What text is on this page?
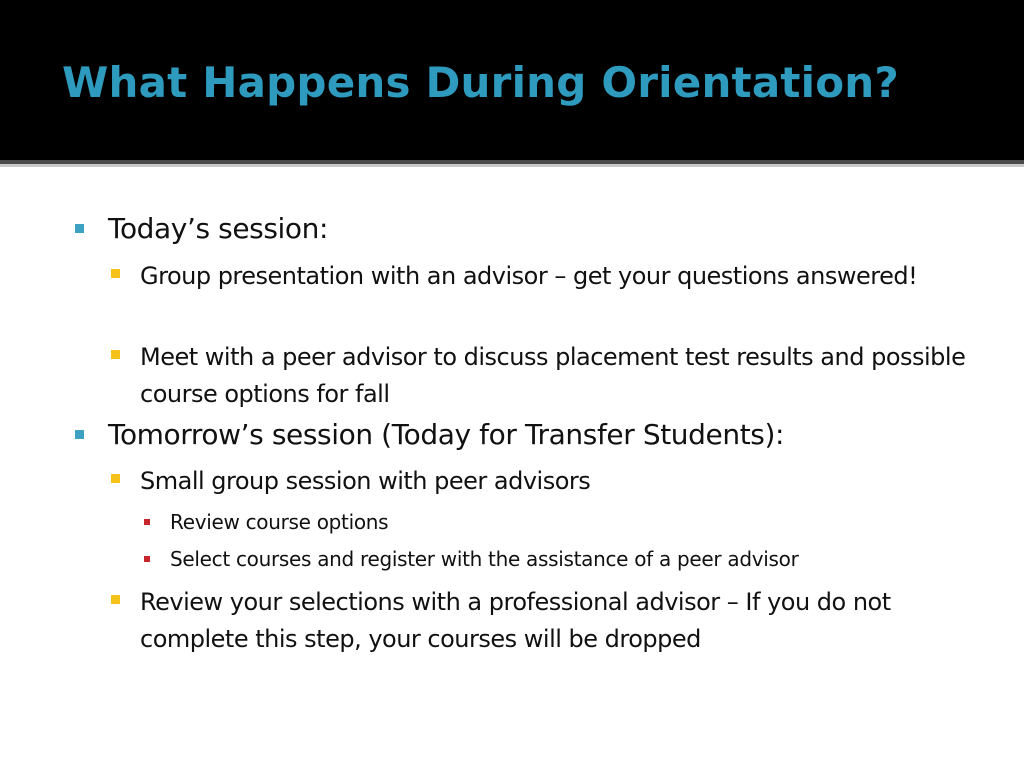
What Happens During Orientation?
Today’s session:
Group presentation with an advisor – get your questions answered!
Meet with a peer advisor to discuss placement test results and possible course options for fall
Tomorrow’s session (Today for Transfer Students):
Small group session with peer advisors
Review course options
Select courses and register with the assistance of a peer advisor
Review your selections with a professional advisor – If you do not complete this step, your courses will be dropped
